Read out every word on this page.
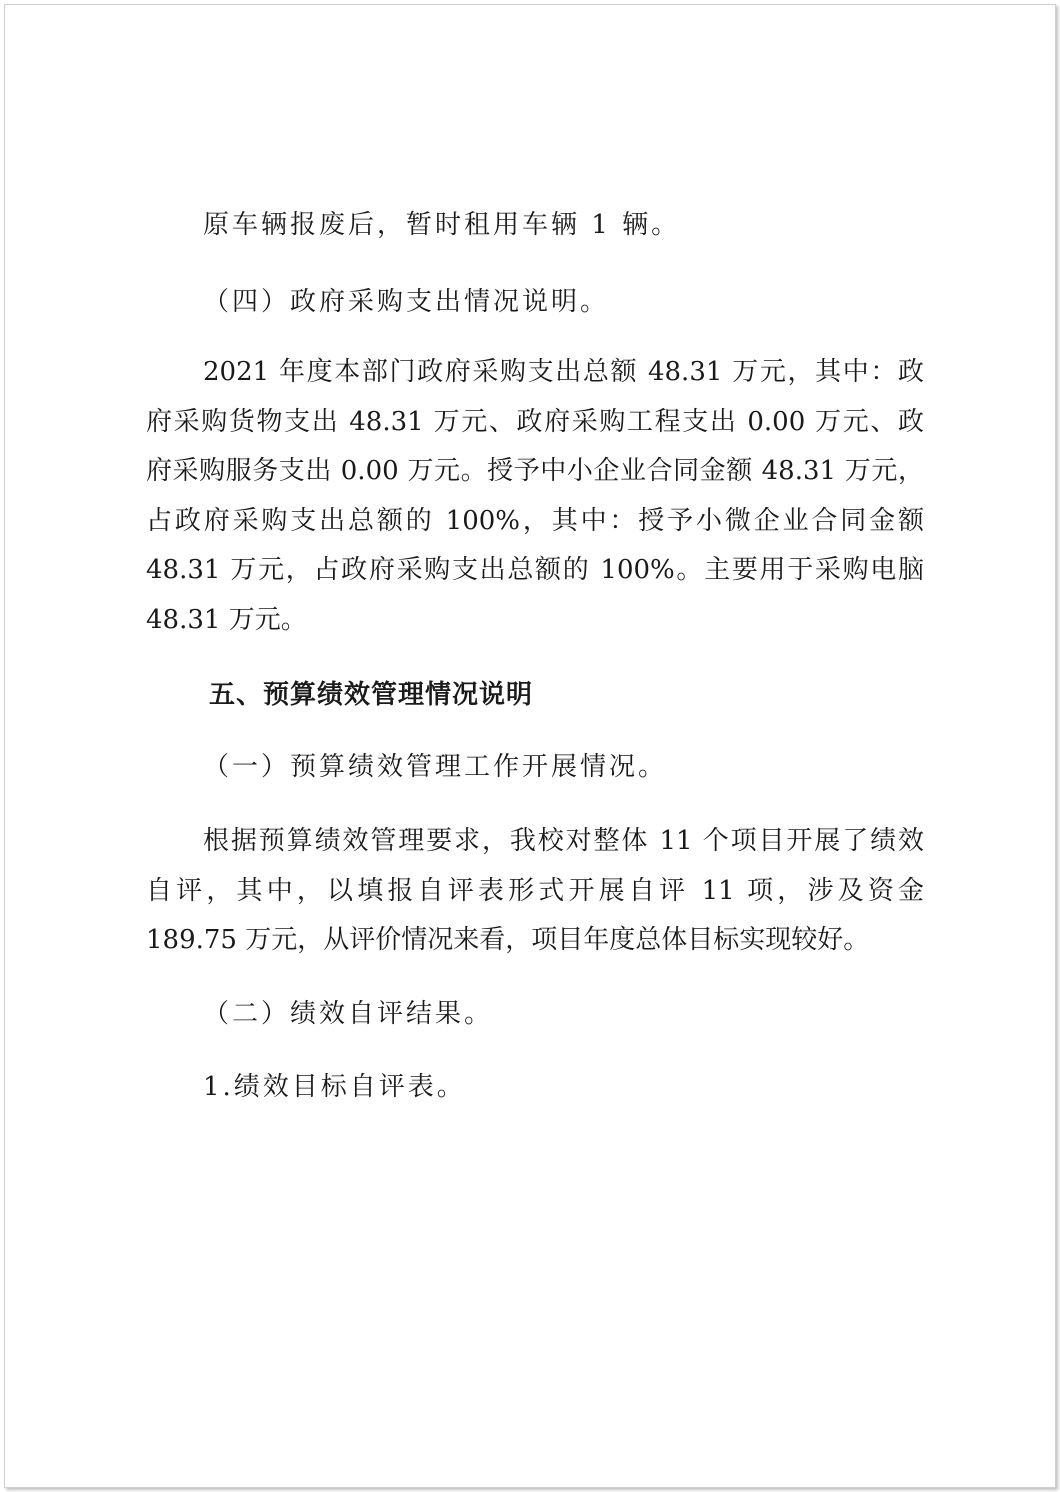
原车辆报废后，暂时租用车辆 1 辆。
（四）政府采购支出情况说明。
2021 年度本部门政府采购支出总额 48.31 万元，其中：政
府采购货物支出 48.31 万元、政府采购工程支出 0.00 万元、政
府采购服务支出 0.00 万元。授予中小企业合同金额 48.31 万元，
占政府采购支出总额的 100%，其中：授予小微企业合同金额
48.31 万元，占政府采购支出总额的 100%。主要用于采购电脑
48.31 万元。
五、预算绩效管理情况说明
（一）预算绩效管理工作开展情况。
根据预算绩效管理要求，我校对整体 11 个项目开展了绩效
自评，其中，以填报自评表形式开展自评 11 项，涉及资金
189.75 万元，从评价情况来看，项目年度总体目标实现较好。
（二）绩效自评结果。
1.绩效目标自评表。
